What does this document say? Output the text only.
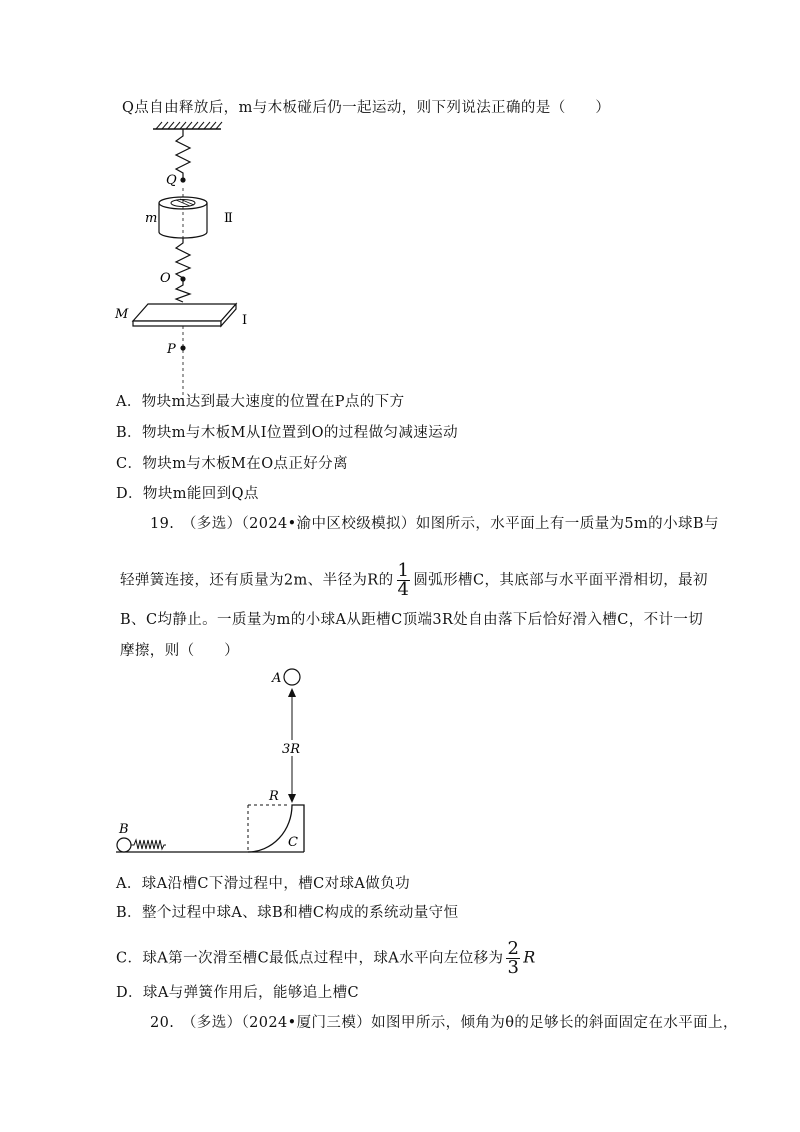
Q点自由释放后，m与木板碰后仍一起运动，则下列说法正确的是（　　）
Q
m	Ⅱ
O
M	I
P
A．物块m达到最大速度的位置在P点的下方
B．物块m与木板M从Ⅰ位置到O的过程做匀减速运动
C．物块m与木板M在O点正好分离
D．物块m能回到Q点
19.　（多选）（2024•渝中区校级模拟）如图所示，水平面上有一质量为5m的小球B与
轻弹簧连接，还有质量为2m、半径为R的 $\frac{1}{4}$ 圆弧形槽C，其底部与水平面平滑相切，最初
B、C均静止。一质量为m的小球A从距槽C顶端3R处自由落下后恰好滑入槽C，不计一切
摩擦，则（　　）
A
3R
R
C
B
A．球A沿槽C下滑过程中，槽C对球A做负功
B．整个过程中球A、球B和槽C构成的系统动量守恒
C．球A第一次滑至槽C最低点过程中，球A水平向左位移为 $\frac{2}{3}$ R
D．球A与弹簧作用后，能够追上槽C
20.　（多选）（2024•厦门三模）如图甲所示，倾角为θ的足够长的斜面固定在水平面上，
